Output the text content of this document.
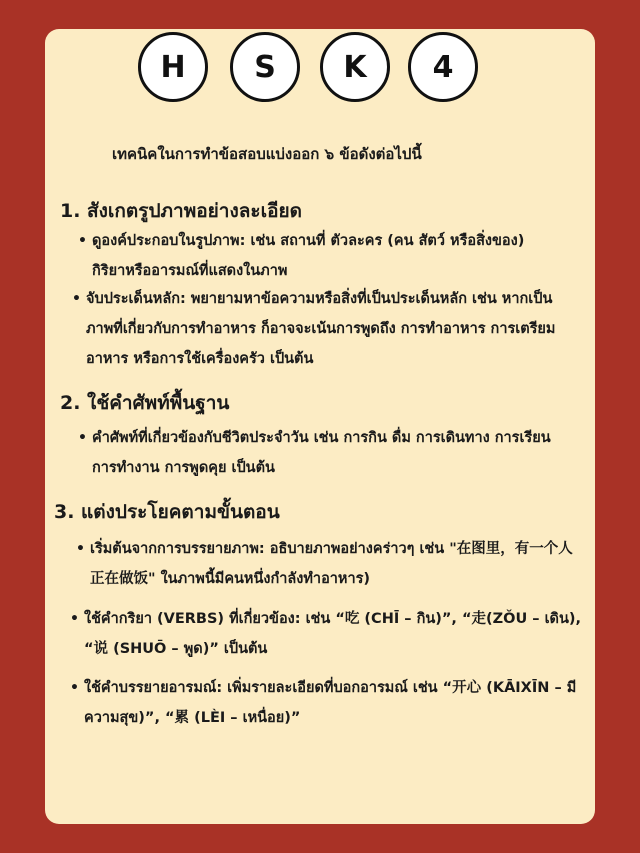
H	S	K	4
เทคนิคในการทำข้อสอบแบ่งออก ๖ ข้อดังต่อไปนี้
1. สังเกตรูปภาพอย่างละเอียด
• ดูองค์ประกอบในรูปภาพ: เช่น สถานที่ ตัวละคร (คน สัตว์ หรือสิ่งของ) กิริยาหรืออารมณ์ที่แสดงในภาพ
• จับประเด็นหลัก: พยายามหาข้อความหรือสิ่งที่เป็นประเด็นหลัก เช่น หากเป็นภาพที่เกี่ยวกับการทำอาหาร ก็อาจจะเน้นการพูดถึง การทำอาหาร การเตรียมอาหาร หรือการใช้เครื่องครัว เป็นต้น
2. ใช้คำศัพท์พื้นฐาน
• คำศัพท์ที่เกี่ยวข้องกับชีวิตประจำวัน เช่น การกิน ดื่ม การเดินทาง การเรียน การทำงาน การพูดคุย เป็นต้น
3. แต่งประโยคตามขั้นตอน
• เริ่มต้นจากการบรรยายภาพ: อธิบายภาพอย่างคร่าวๆ เช่น "在图里，有一个人正在做饭" ในภาพนี้มีคนหนึ่งกำลังทำอาหาร)
• ใช้คำกริยา (VERBS) ที่เกี่ยวข้อง: เช่น “吃 (CHĪ – กิน)”, “走(ZǑU – เดิน), “说 (SHUŌ – พูด)” เป็นต้น
• ใช้คำบรรยายอารมณ์: เพิ่มรายละเอียดที่บอกอารมณ์ เช่น “开心 (KĀIXĪN – มีความสุข)”, “累 (LÈI – เหนื่อย)”
